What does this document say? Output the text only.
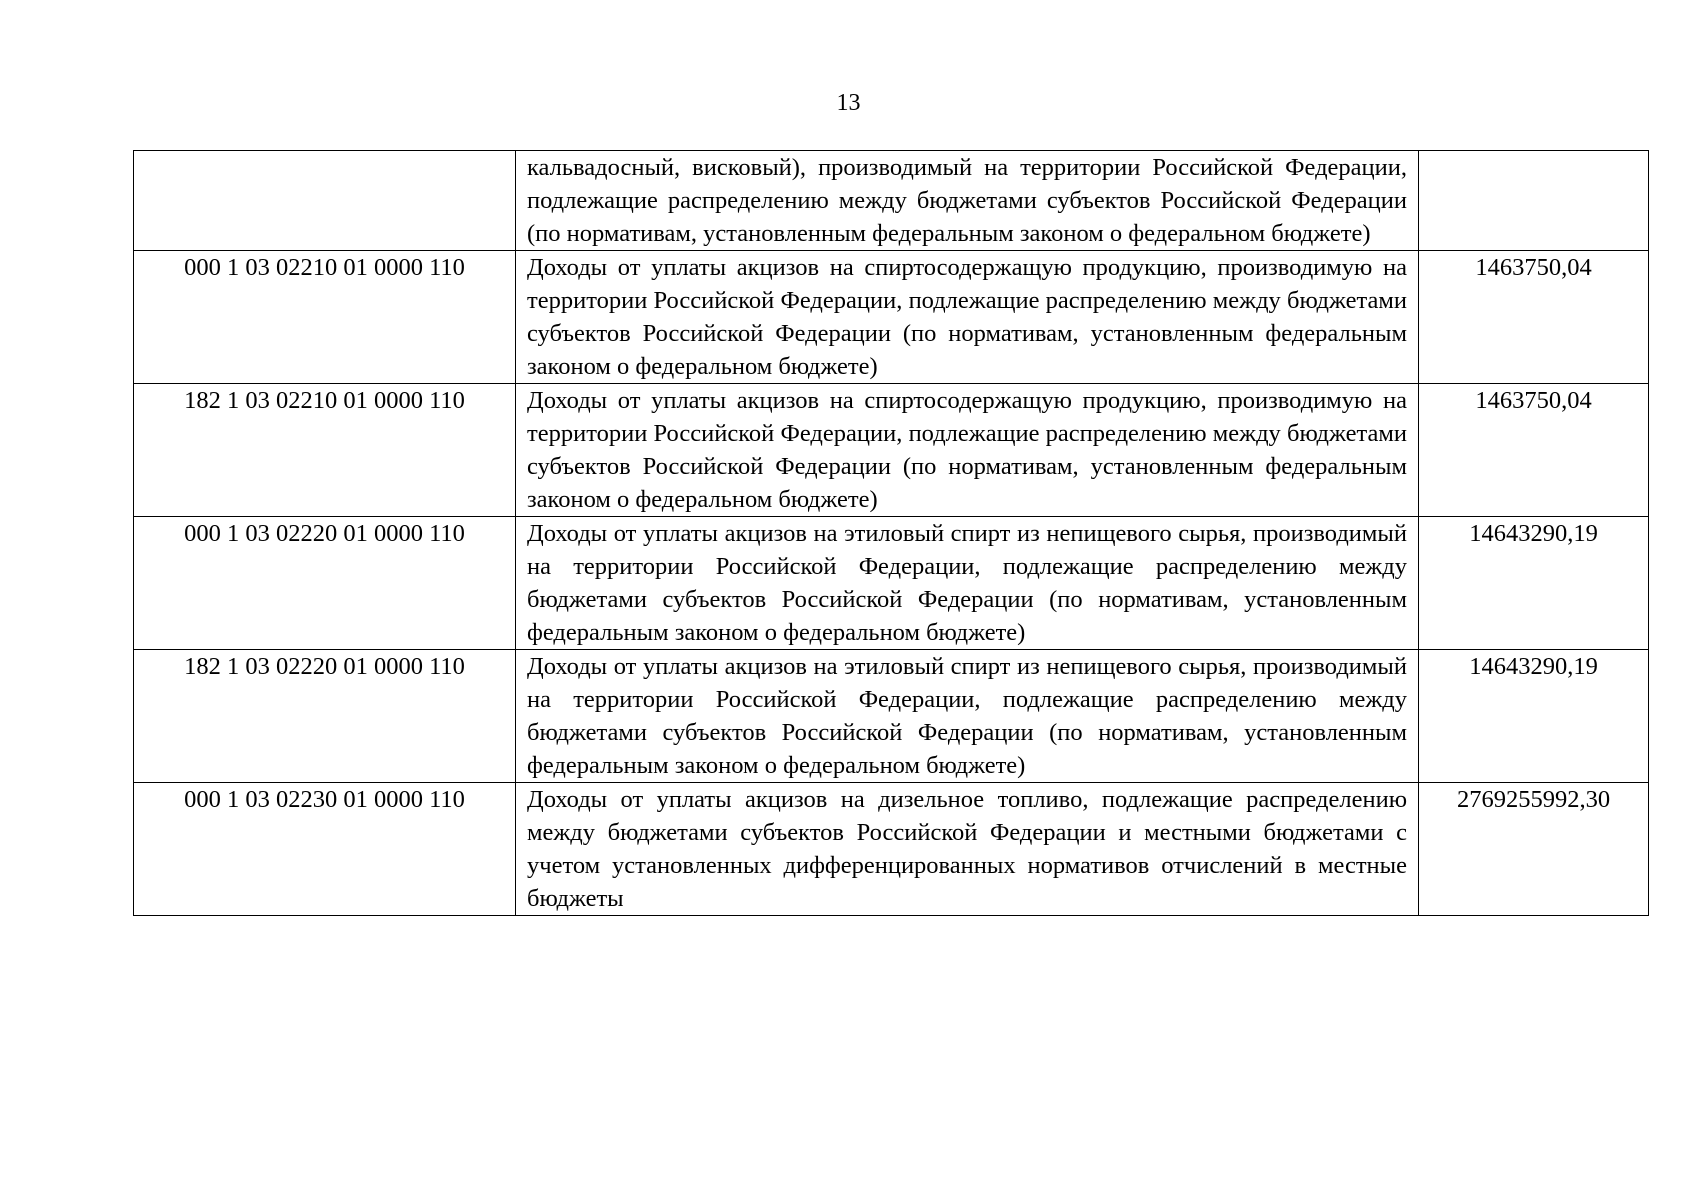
13
	кальвадосный, висковый), производимый на территории Российской Федерации, подлежащие распределению между бюджетами субъектов Российской Федерации (по нормативам, установленным федеральным законом о федеральном бюджете)	
000 1 03 02210 01 0000 110	Доходы от уплаты акцизов на спиртосодержащую продукцию, производимую на территории Российской Федерации, подлежащие распределению между бюджетами субъектов Российской Федерации (по нормативам, установленным федеральным законом о федеральном бюджете)	1463750,04
182 1 03 02210 01 0000 110	Доходы от уплаты акцизов на спиртосодержащую продукцию, производимую на территории Российской Федерации, подлежащие распределению между бюджетами субъектов Российской Федерации (по нормативам, установленным федеральным законом о федеральном бюджете)	1463750,04
000 1 03 02220 01 0000 110	Доходы от уплаты акцизов на этиловый спирт из непищевого сырья, производимый на территории Российской Федерации, подлежащие распределению между бюджетами субъектов Российской Федерации (по нормативам, установленным федеральным законом о федеральном бюджете)	14643290,19
182 1 03 02220 01 0000 110	Доходы от уплаты акцизов на этиловый спирт из непищевого сырья, производимый на территории Российской Федерации, подлежащие распределению между бюджетами субъектов Российской Федерации (по нормативам, установленным федеральным законом о федеральном бюджете)	14643290,19
000 1 03 02230 01 0000 110	Доходы от уплаты акцизов на дизельное топливо, подлежащие распределению между бюджетами субъектов Российской Федерации и местными бюджетами с учетом установленных дифференцированных нормативов отчислений в местные бюджеты	2769255992,30
